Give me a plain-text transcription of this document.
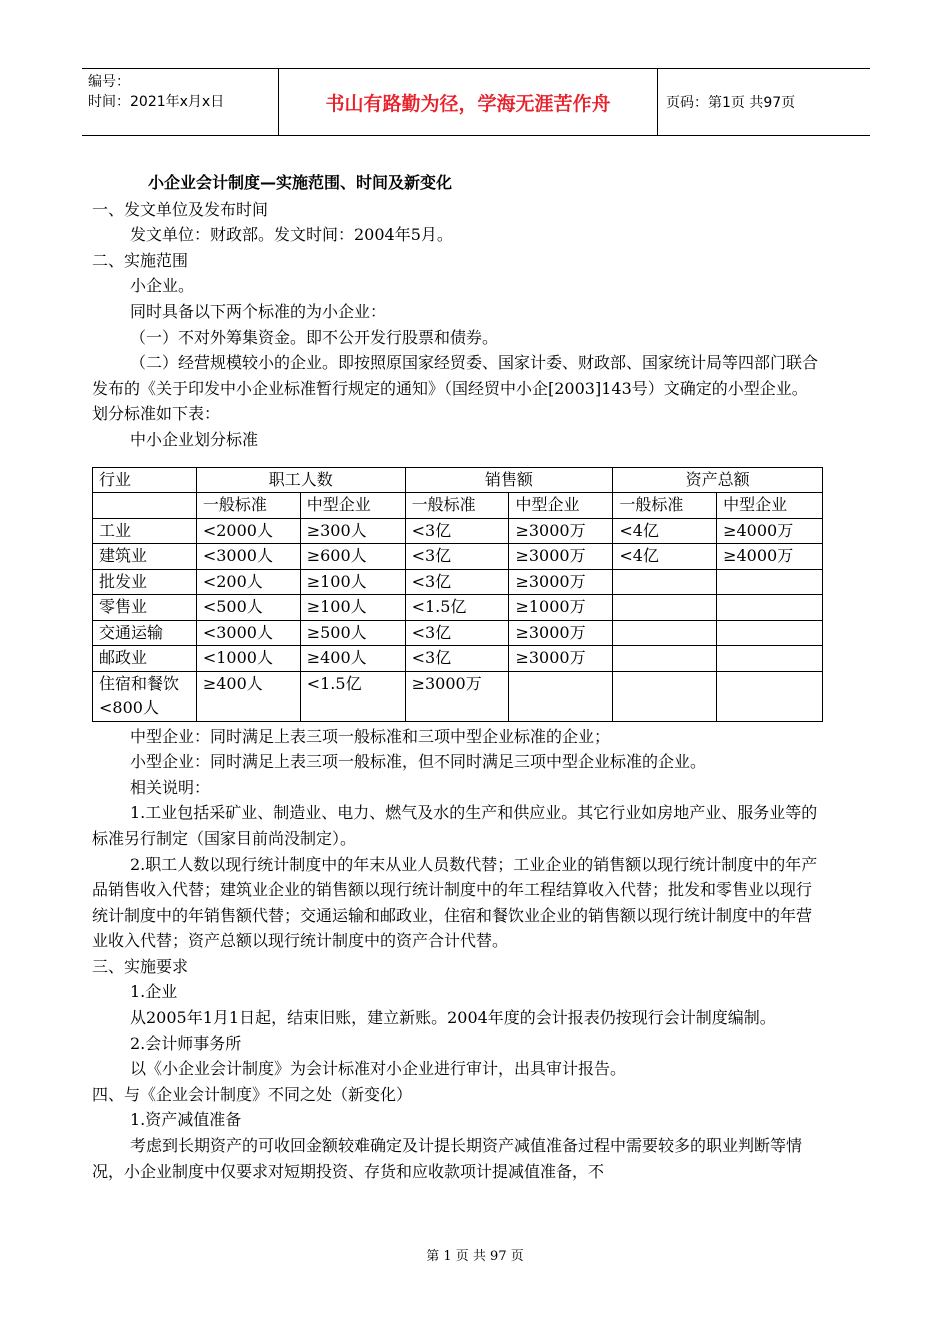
编号：
时间：2021年x月x日	书山有路勤为径，学海无涯苦作舟	页码：第1页 共97页
小企业会计制度—实施范围、时间及新变化

一、发文单位及发布时间

发文单位：财政部。发文时间：2004年5月。

二、实施范围

小企业。

同时具备以下两个标准的为小企业：

（一）不对外筹集资金。即不公开发行股票和债券。

（二）经营规模较小的企业。即按照原国家经贸委、国家计委、财政部、国家统计局等四部门联合发布的《关于印发中小企业标准暂行规定的通知》（国经贸中小企[2003]143号）文确定的小型企业。划分标准如下表：

中小企业划分标准

行业	职工人数		销售额		资产总额	
	一般标准	中型企业	一般标准	中型企业	一般标准	中型企业
工业	<2000人	≥300人	<3亿	≥3000万	<4亿	≥4000万
建筑业	<3000人	≥600人	<3亿	≥3000万	<4亿	≥4000万
批发业	<200人	≥100人	<3亿	≥3000万		
零售业	<500人	≥100人	<1.5亿	≥1000万		
交通运输	<3000人	≥500人	<3亿	≥3000万		
邮政业	<1000人	≥400人	<3亿	≥3000万		
住宿和餐饮<800人	≥400人	<1.5亿	≥3000万			

中型企业：同时满足上表三项一般标准和三项中型企业标准的企业；

小型企业：同时满足上表三项一般标准，但不同时满足三项中型企业标准的企业。

相关说明：

1.工业包括采矿业、制造业、电力、燃气及水的生产和供应业。其它行业如房地产业、服务业等的标准另行制定（国家目前尚没制定）。

2.职工人数以现行统计制度中的年末从业人员数代替；工业企业的销售额以现行统计制度中的年产品销售收入代替；建筑业企业的销售额以现行统计制度中的年工程结算收入代替；批发和零售业以现行统计制度中的年销售额代替；交通运输和邮政业，住宿和餐饮业企业的销售额以现行统计制度中的年营业收入代替；资产总额以现行统计制度中的资产合计代替。

三、实施要求

1.企业

从2005年1月1日起，结束旧账，建立新账。2004年度的会计报表仍按现行会计制度编制。

2.会计师事务所

以《小企业会计制度》为会计标准对小企业进行审计，出具审计报告。

四、与《企业会计制度》不同之处（新变化）

1.资产减值准备

考虑到长期资产的可收回金额较难确定及计提长期资产减值准备过程中需要较多的职业判断等情况，小企业制度中仅要求对短期投资、存货和应收款项计提减值准备，不

第 1 页 共 97 页
